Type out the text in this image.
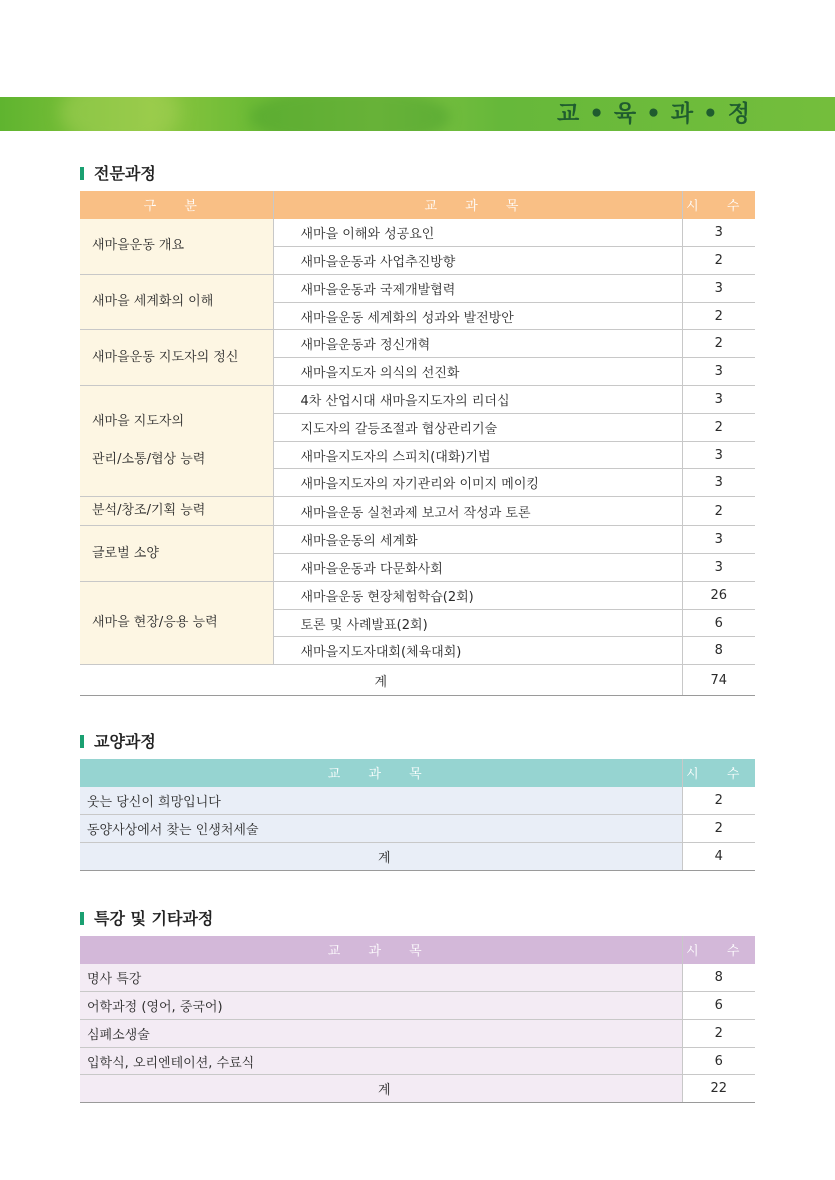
교 • 육 • 과 • 정
전문과정
구 분	교 과 목	시 수
새마을운동 개요	새마을 이해와 성공요인	3
	새마을운동과 사업추진방향	2
새마을 세계화의 이해	새마을운동과 국제개발협력	3
	새마을운동 세계화의 성과와 발전방안	2
새마을운동 지도자의 정신	새마을운동과 정신개혁	2
	새마을지도자 의식의 선진화	3

새마을 지도자의
관리/소통/협상 능력	4차 산업시대 새마을지도자의 리더십	3
	지도자의 갈등조절과 협상관리기술	2
	새마을지도자의 스피치(대화)기법	3
	새마을지도자의 자기관리와 이미지 메이킹	3
분석/창조/기획 능력	새마을운동 실천과제 보고서 작성과 토론	2
글로벌 소양	새마을운동의 세계화	3
	새마을운동과 다문화사회	3
새마을 현장/응용 능력	새마을운동 현장체험학습(2회)	26
	토론 및 사례발표(2회)	6
	새마을지도자대회(체육대회)	8
계		74
교양과정
교 과 목	시 수
웃는 당신이 희망입니다	2
동양사상에서 찾는 인생처세술	2
계	4
특강 및 기타과정
교 과 목	시 수
명사 특강	8
어학과정 (영어, 중국어)	6
심폐소생술	2
입학식, 오리엔테이션, 수료식	6
계	22
